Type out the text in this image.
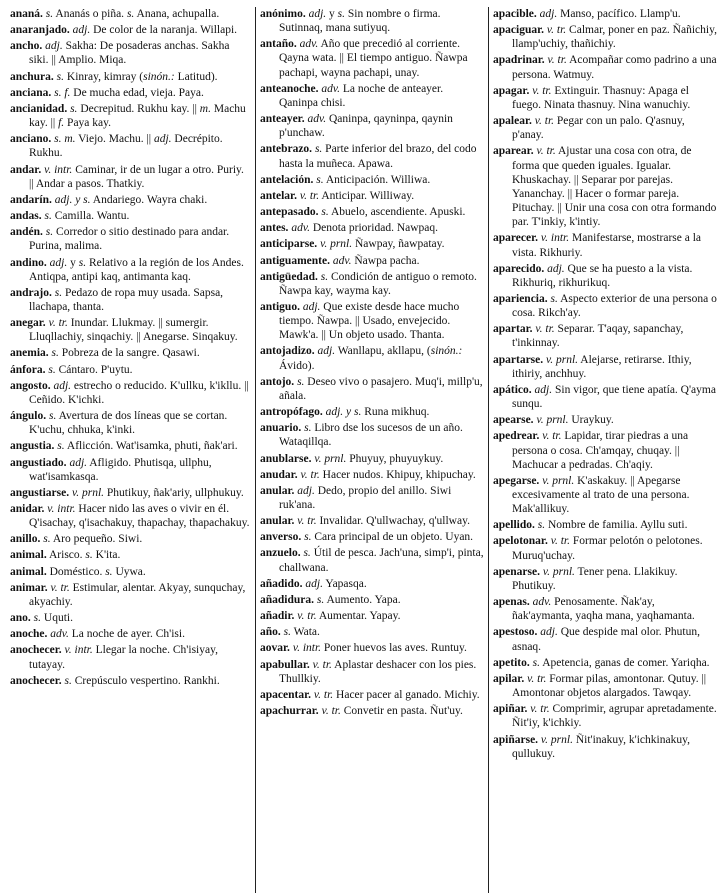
ananá. s. Ananás o piña. s. Anana, achupalla.
anaranjado. adj. De color de la naranja. Willapi.
ancho. adj. Sakha: De posaderas anchas. Sakha siki. || Amplio. Miqa.
anchura. s. Kinray, kimray (sinón.: Latitud).
anciana. s. f. De mucha edad, vieja. Paya.
ancianidad. s. Decrepitud. Rukhu kay. || m. Machu kay. || f. Paya kay.
anciano. s. m. Viejo. Machu. || adj. Decrépito. Rukhu.
andar. v. intr. Caminar, ir de un lugar a otro. Puriy. || Andar a pasos. Thatkiy.
andarín. adj. y s. Andariego. Wayra chaki.
andas. s. Camilla. Wantu.
andén. s. Corredor o sitio destinado para andar. Purina, malima.
andino. adj. y s. Relativo a la región de los Andes. Antiqpa, antipi kaq, antimanta kaq.
andrajo. s. Pedazo de ropa muy usada. Sapsa, llachapa, thanta.
anegar. v. tr. Inundar. Llukmay. || sumergir. Lluqllachiy, sinqachiy. || Anegarse. Sinqakuy.
anemia. s. Pobreza de la sangre. Qasawi.
ánfora. s. Cántaro. P'uytu.
angosto. adj. estrecho o reducido. K'ullku, k'ikllu. || Ceñido. K'ichki.
ángulo. s. Avertura de dos líneas que se cortan. K'uchu, chhuka, k'inki.
angustia. s. Aflicción. Wat'isamka, phuti, ñak'ari.
angustiado. adj. Afligido. Phutisqa, ullphu, wat'isamkasqa.
angustiarse. v. prnl. Phutikuy, ñak'ariy, ullphukuy.
anidar. v. intr. Hacer nido las aves o vivir en él. Q'isachay, q'isachakuy, thapachay, thapachakuy.
anillo. s. Aro pequeño. Siwi.
animal. Arisco. s. K'ita.
animal. Doméstico. s. Uywa.
animar. v. tr. Estimular, alentar. Akyay, sunquchay, akyachiy.
ano. s. Uquti.
anoche. adv. La noche de ayer. Ch'isi.
anochecer. v. intr. Llegar la noche. Ch'isiyay, tutayay.
anochecer. s. Crepúsculo vespertino. Rankhi.
anónimo. adj. y s. Sin nombre o firma. Sutinnaq, mana sutiyuq.
antaño. adv. Año que precedió al corriente. Qayna wata. || El tiempo antiguo. Ñawpa pachapi, wayna pachapi, unay.
anteanoche. adv. La noche de anteayer. Qaninpa chisi.
anteayer. adv. Qaninpa, qayninpa, qaynin p'unchaw.
antebrazo. s. Parte inferior del brazo, del codo hasta la muñeca. Apawa.
antelación. s. Anticipación. Williwa.
antelar. v. tr. Anticipar. Williway.
antepasado. s. Abuelo, ascendiente. Apuski.
antes. adv. Denota prioridad. Nawpaq.
anticiparse. v. prnl. Ñawpay, ñawpatay.
antiguamente. adv. Ñawpa pacha.
antigüedad. s. Condición de antiguo o remoto. Ñawpa kay, wayma kay.
antiguo. adj. Que existe desde hace mucho tiempo. Ñawpa. || Usado, envejecido. Mawk'a. || Un objeto usado. Thanta.
antojadizo. adj. Wanllapu, akllapu, (sinón.: Ávido).
antojo. s. Deseo vivo o pasajero. Muq'i, millp'u, añala.
antropófago. adj. y s. Runa mikhuq.
anuario. s. Libro dse los sucesos de un año. Wataqillqa.
anublarse. v. prnl. Phuyuy, phuyuykuy.
anudar. v. tr. Hacer nudos. Khipuy, khipuchay.
anular. adj. Dedo, propio del anillo. Siwi ruk'ana.
anular. v. tr. Invalidar. Q'ullwachay, q'ullway.
anverso. s. Cara principal de un objeto. Uyan.
anzuelo. s. Útil de pesca. Jach'una, simp'i, pinta, challwana.
añadido. adj. Yapasqa.
añadidura. s. Aumento. Yapa.
añadir. v. tr. Aumentar. Yapay.
año. s. Wata.
aovar. v. intr. Poner huevos las aves. Runtuy.
apabullar. v. tr. Aplastar deshacer con los pies. Thullkiy.
apacentar. v. tr. Hacer pacer al ganado. Michiy.
apachurrar. v. tr. Convetir en pasta. Ñut'uy.
apacible. adj. Manso, pacífico. Llamp'u.
apaciguar. v. tr. Calmar, poner en paz. Ñañichiy, llamp'uchiy, thañichiy.
apadrinar. v. tr. Acompañar como padrino a una persona. Watmuy.
apagar. v. tr. Extinguir. Thasnuy: Apaga el fuego. Ninata thasnuy. Nina wanuchiy.
apalear. v. tr. Pegar con un palo. Q'asnuy, p'anay.
aparear. v. tr. Ajustar una cosa con otra, de forma que queden iguales. Igualar. Khuskachay. || Separar por parejas. Yananchay. || Hacer o formar pareja. Pituchay. || Unir una cosa con otra formando par. T'inkiy, k'intiy.
aparecer. v. intr. Manifestarse, mostrarse a la vista. Rikhuriy.
aparecido. adj. Que se ha puesto a la vista. Rikhuriq, rikhurikuq.
apariencia. s. Aspecto exterior de una persona o cosa. Rikch'ay.
apartar. v. tr. Separar. T'aqay, sapanchay, t'inkinnay.
apartarse. v. prnl. Alejarse, retirarse. Ithiy, ithiriy, anchhuy.
apático. adj. Sin vigor, que tiene apatía. Q'ayma sunqu.
apearse. v. prnl. Uraykuy.
apedrear. v. tr. Lapidar, tirar piedras a una persona o cosa. Ch'amqay, chuqay. || Machucar a pedradas. Ch'aqiy.
apegarse. v. prnl. K'askakuy. || Apegarse excesivamente al trato de una persona. Mak'allikuy.
apellido. s. Nombre de familia. Ayllu suti.
apelotonar. v. tr. Formar pelotón o pelotones. Muruq'uchay.
apenarse. v. prnl. Tener pena. Llakikuy. Phutikuy.
apenas. adv. Penosamente. Ñak'ay, ñak'aymanta, yaqha mana, yaqhamanta.
apestoso. adj. Que despide mal olor. Phutun, asnaq.
apetito. s. Apetencia, ganas de comer. Yariqha.
apilar. v. tr. Formar pilas, amontonar. Qutuy. || Amontonar objetos alargados. Tawqay.
apiñar. v. tr. Comprimir, agrupar apretadamente. Ñit'iy, k'ichkiy.
apiñarse. v. prnl. Ñit'inakuy, k'ichkinakuy, qullukuy.
